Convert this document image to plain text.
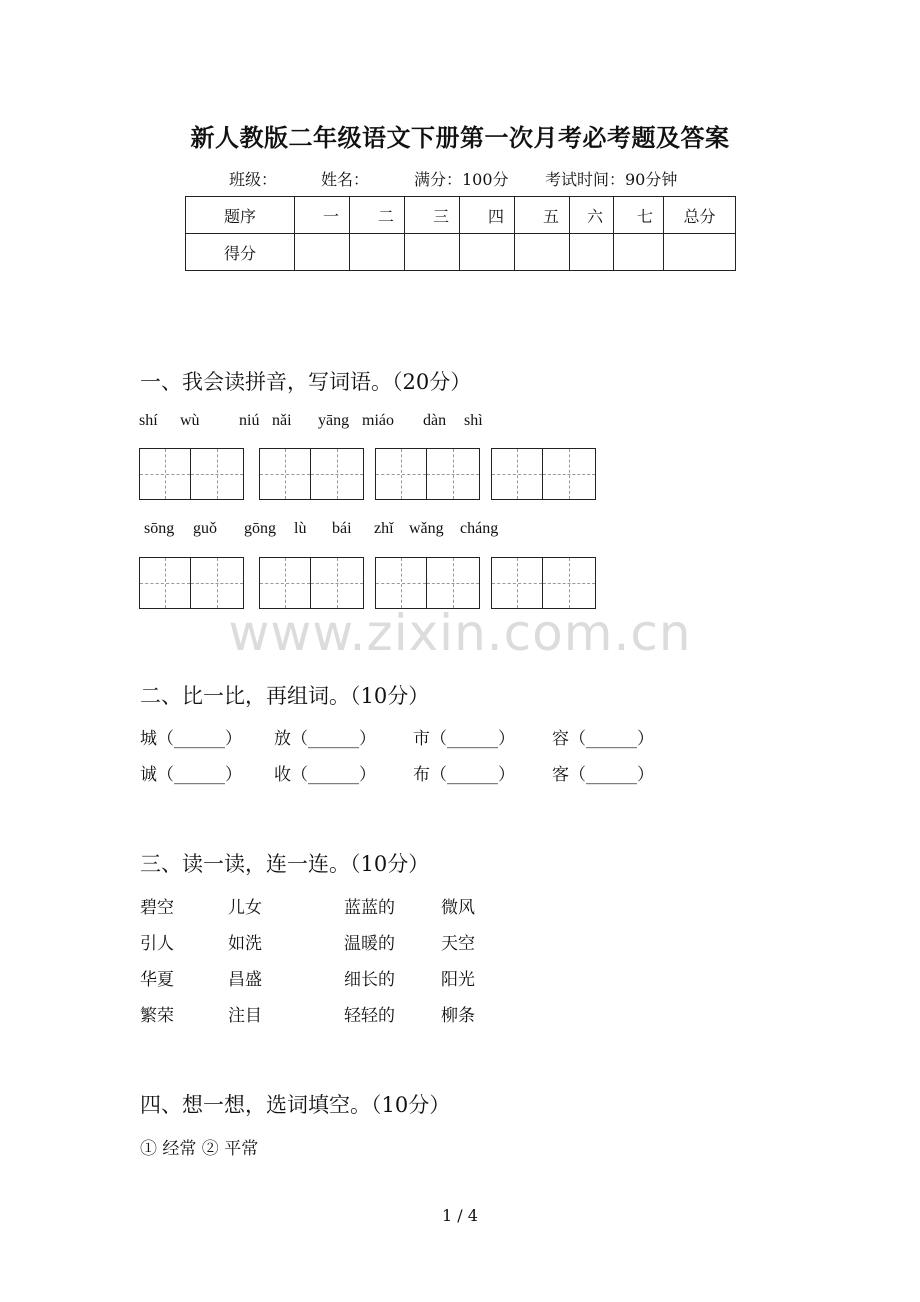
新人教版二年级语文下册第一次月考必考题及答案
班级：	姓名：	满分：100分 考试时间：90分钟
题序	一	二	三	四	五	六	七	总分
得分								
一、我会读拼音，写词语。（20分）
shí wù niú nǎi yāng miáo dàn shì
sōng guǒ gōng lù bái zhǐ wǎng cháng
www.zixin.com.cn
二、比一比，再组词。（10分）
城（______） 放（______） 市（______） 容（______）
诚（______） 收（______） 布（______） 客（______）
三、读一读，连一连。（10分）
碧空	儿女	蓝蓝的	微风
引人	如洗	温暖的	天空
华夏	昌盛	细长的	阳光
繁荣	注目	轻轻的	柳条
四、想一想，选词填空。（10分）
① 经常 ② 平常
1 / 4
